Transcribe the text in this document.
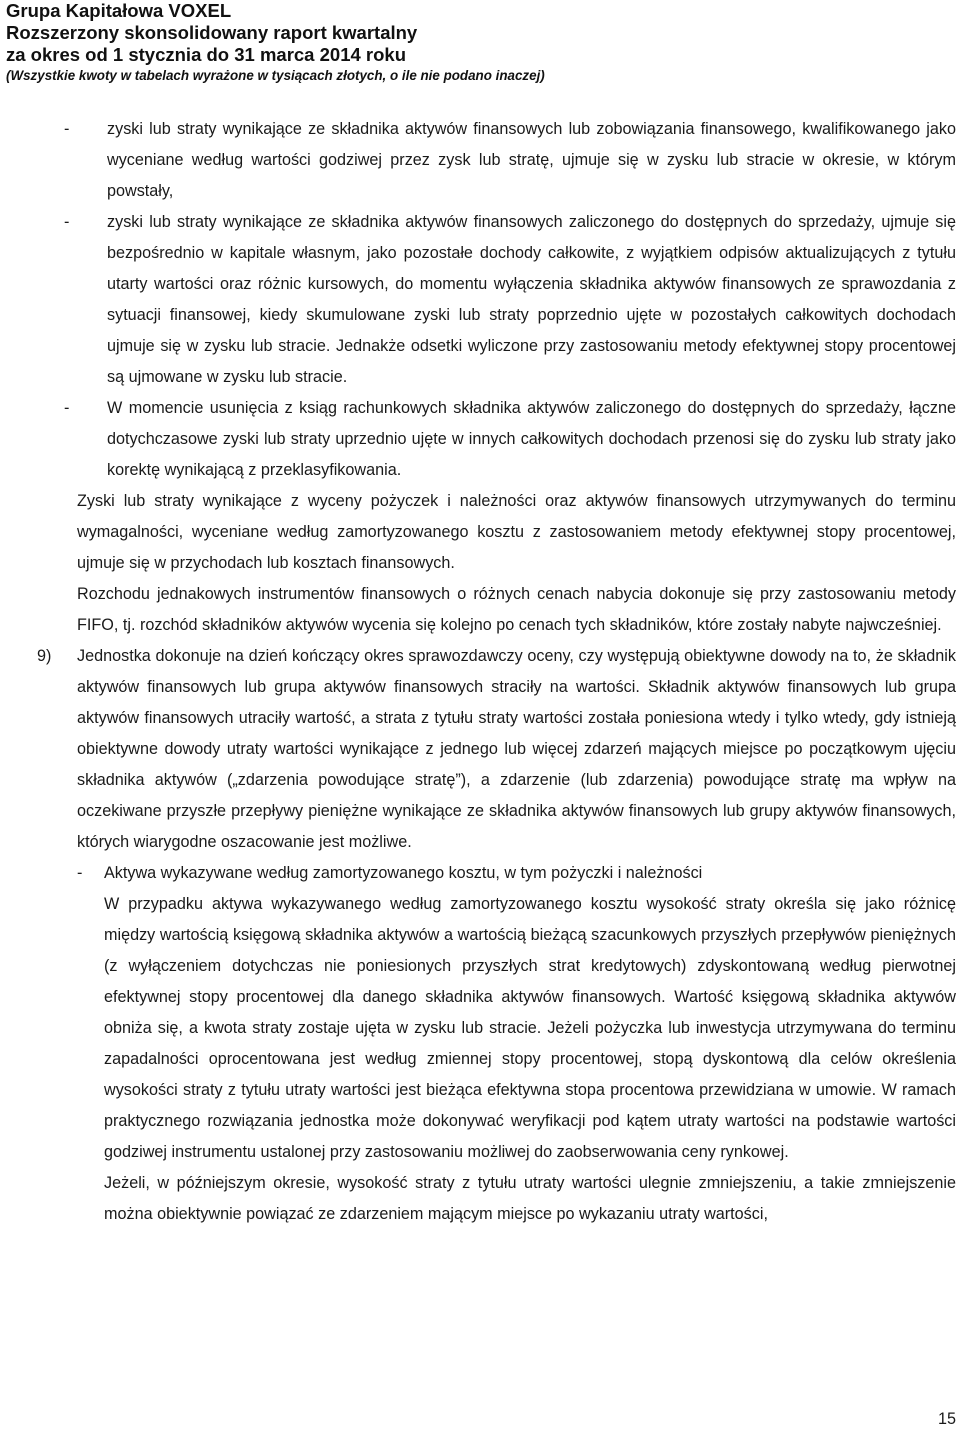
Grupa Kapitałowa VOXEL
Rozszerzony skonsolidowany raport kwartalny
za okres od 1 stycznia do 31 marca 2014 roku
(Wszystkie kwoty w tabelach wyrażone w tysiącach złotych, o ile nie podano inaczej)

- zyski lub straty wynikające ze składnika aktywów finansowych lub zobowiązania finansowego, kwalifikowanego jako wyceniane według wartości godziwej przez zysk lub stratę, ujmuje się w zysku lub stracie w okresie, w którym powstały,

- zyski lub straty wynikające ze składnika aktywów finansowych zaliczonego do dostępnych do sprzedaży, ujmuje się bezpośrednio w kapitale własnym, jako pozostałe dochody całkowite, z wyjątkiem odpisów aktualizujących z tytułu utarty wartości oraz różnic kursowych, do momentu wyłączenia składnika aktywów finansowych ze sprawozdania z sytuacji finansowej, kiedy skumulowane zyski lub straty poprzednio ujęte w pozostałych całkowitych dochodach ujmuje się w zysku lub stracie. Jednakże odsetki wyliczone przy zastosowaniu metody efektywnej stopy procentowej są ujmowane w zysku lub stracie.

- W momencie usunięcia z ksiąg rachunkowych składnika aktywów zaliczonego do dostępnych do sprzedaży, łączne dotychczasowe zyski lub straty uprzednio ujęte w innych całkowitych dochodach przenosi się do zysku lub straty jako korektę wynikającą z przeklasyfikowania.

Zyski lub straty wynikające z wyceny pożyczek i należności oraz aktywów finansowych utrzymywanych do terminu wymagalności, wyceniane według zamortyzowanego kosztu z zastosowaniem metody efektywnej stopy procentowej, ujmuje się w przychodach lub kosztach finansowych.

Rozchodu jednakowych instrumentów finansowych o różnych cenach nabycia dokonuje się przy zastosowaniu metody FIFO, tj. rozchód składników aktywów wycenia się kolejno po cenach tych składników, które zostały nabyte najwcześniej.

9) Jednostka dokonuje na dzień kończący okres sprawozdawczy oceny, czy występują obiektywne dowody na to, że składnik aktywów finansowych lub grupa aktywów finansowych straciły na wartości. Składnik aktywów finansowych lub grupa aktywów finansowych utraciły wartość, a strata z tytułu straty wartości została poniesiona wtedy i tylko wtedy, gdy istnieją obiektywne dowody utraty wartości wynikające z jednego lub więcej zdarzeń mających miejsce po początkowym ujęciu składnika aktywów („zdarzenia powodujące stratę”), a zdarzenie (lub zdarzenia) powodujące stratę ma wpływ na oczekiwane przyszłe przepływy pieniężne wynikające ze składnika aktywów finansowych lub grupy aktywów finansowych, których wiarygodne oszacowanie jest możliwe.

- Aktywa wykazywane według zamortyzowanego kosztu, w tym pożyczki i należności

W przypadku aktywa wykazywanego według zamortyzowanego kosztu wysokość straty określa się jako różnicę między wartością księgową składnika aktywów a wartością bieżącą szacunkowych przyszłych przepływów pieniężnych (z wyłączeniem dotychczas nie poniesionych przyszłych strat kredytowych) zdyskontowaną według pierwotnej efektywnej stopy procentowej dla danego składnika aktywów finansowych. Wartość księgową składnika aktywów obniża się, a kwota straty zostaje ujęta w zysku lub stracie. Jeżeli pożyczka lub inwestycja utrzymywana do terminu zapadalności oprocentowana jest według zmiennej stopy procentowej, stopą dyskontową dla celów określenia wysokości straty z tytułu utraty wartości jest bieżąca efektywna stopa procentowa przewidziana w umowie. W ramach praktycznego rozwiązania jednostka może dokonywać weryfikacji pod kątem utraty wartości na podstawie wartości godziwej instrumentu ustalonej przy zastosowaniu możliwej do zaobserwowania ceny rynkowej.

Jeżeli, w późniejszym okresie, wysokość straty z tytułu utraty wartości ulegnie zmniejszeniu, a takie zmniejszenie można obiektywnie powiązać ze zdarzeniem mającym miejsce po wykazaniu utraty wartości,

15
